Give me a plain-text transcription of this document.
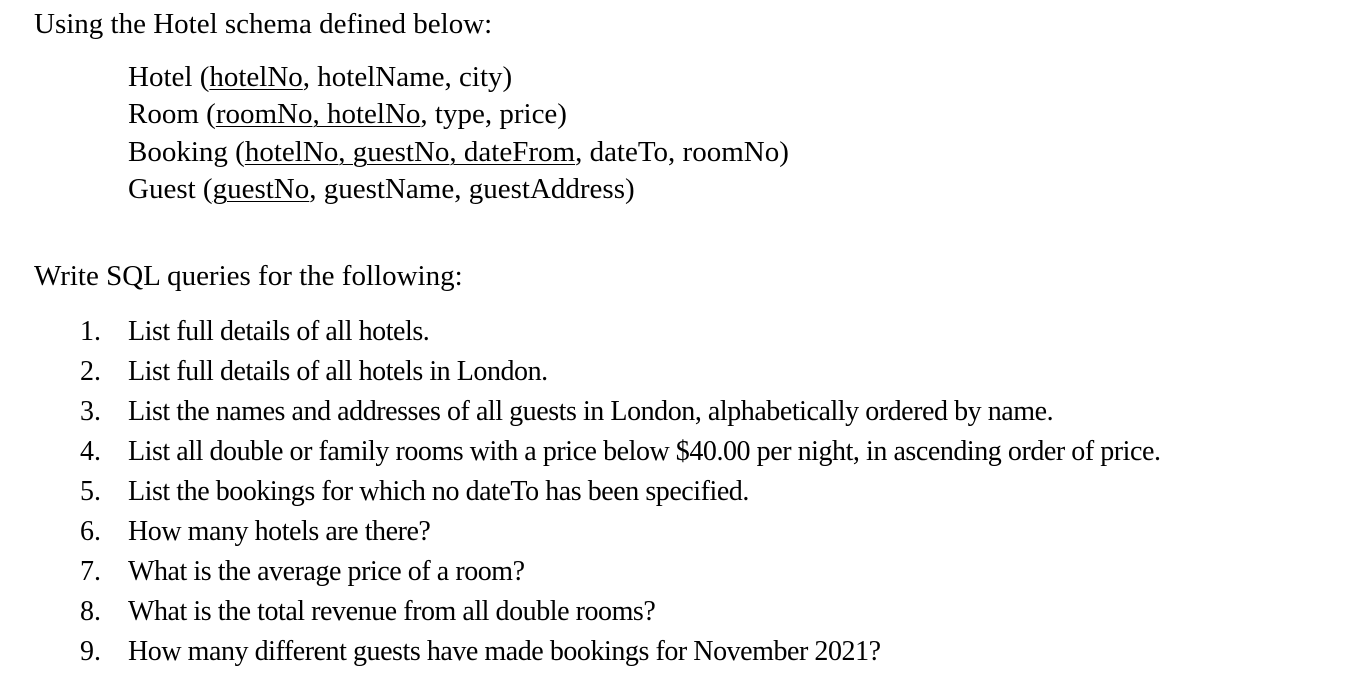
Using the Hotel schema defined below:
Hotel (hotelNo, hotelName, city)
Room (roomNo, hotelNo, type, price)
Booking (hotelNo, guestNo, dateFrom, dateTo, roomNo)
Guest (guestNo, guestName, guestAddress)
Write SQL queries for the following:
1. List full details of all hotels.
2. List full details of all hotels in London.
3. List the names and addresses of all guests in London, alphabetically ordered by name.
4. List all double or family rooms with a price below $40.00 per night, in ascending order of price.
5. List the bookings for which no dateTo has been specified.
6. How many hotels are there?
7. What is the average price of a room?
8. What is the total revenue from all double rooms?
9. How many different guests have made bookings for November 2021?
